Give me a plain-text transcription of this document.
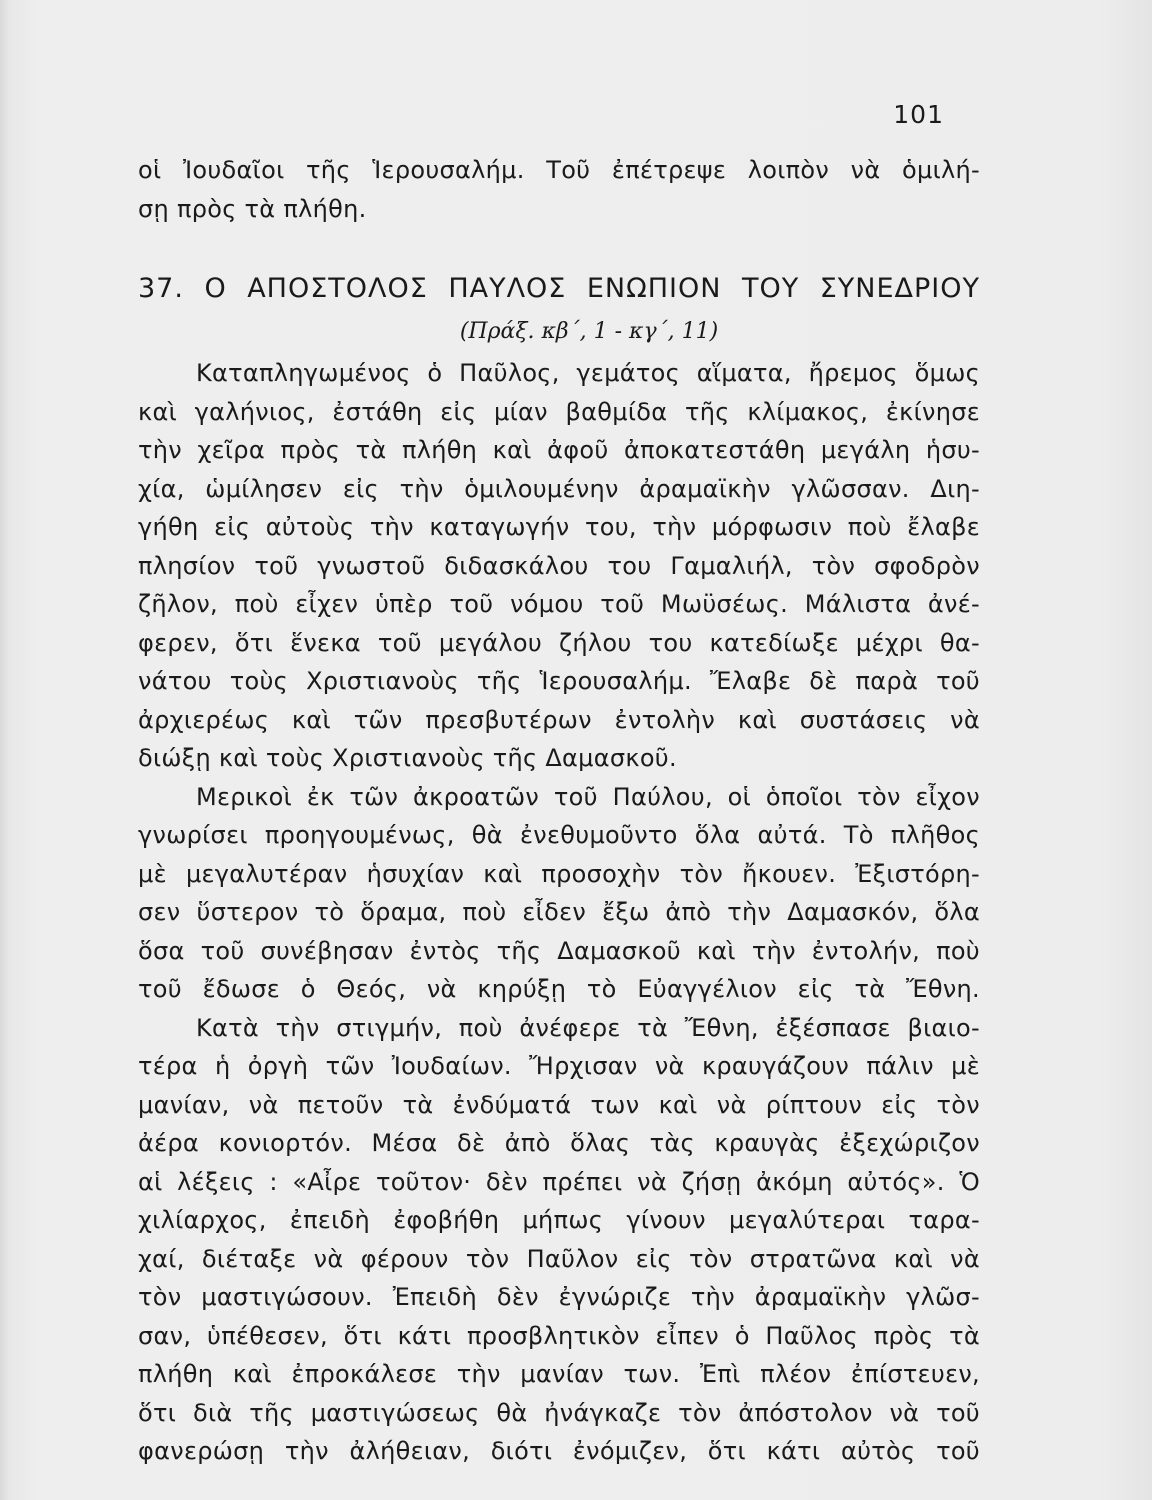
101
οἱ Ἰουδαῖοι τῆς Ἱερουσαλήμ. Τοῦ ἐπέτρεψε λοιπὸν νὰ ὁμιλή-
σῃ πρὸς τὰ πλήθη.
37. Ο ΑΠΟΣΤΟΛΟΣ ΠΑΥΛΟΣ ΕΝΩΠΙΟΝ ΤΟΥ ΣΥΝΕΔΡΙΟΥ
(Πράξ. κβ΄, 1 - κγ΄, 11)
Καταπληγωμένος ὁ Παῦλος, γεμάτος αἵματα, ἤρεμος ὅμως
καὶ γαλήνιος, ἐστάθη εἰς μίαν βαθμίδα τῆς κλίμακος, ἐκίνησε
τὴν χεῖρα πρὸς τὰ πλήθη καὶ ἀφοῦ ἀποκατεστάθη μεγάλη ἡσυ-
χία, ὡμίλησεν εἰς τὴν ὁμιλουμένην ἀραμαϊκὴν γλῶσσαν. Διη-
γήθη εἰς αὐτοὺς τὴν καταγωγήν του, τὴν μόρφωσιν ποὺ ἔλαβε
πλησίον τοῦ γνωστοῦ διδασκάλου του Γαμαλιήλ, τὸν σφοδρὸν
ζῆλον, ποὺ εἶχεν ὑπὲρ τοῦ νόμου τοῦ Μωϋσέως. Μάλιστα ἀνέ-
φερεν, ὅτι ἕνεκα τοῦ μεγάλου ζήλου του κατεδίωξε μέχρι θα-
νάτου τοὺς Χριστιανοὺς τῆς Ἱερουσαλήμ. Ἔλαβε δὲ παρὰ τοῦ
ἀρχιερέως καὶ τῶν πρεσβυτέρων ἐντολὴν καὶ συστάσεις νὰ
διώξῃ καὶ τοὺς Χριστιανοὺς τῆς Δαμασκοῦ.
Μερικοὶ ἐκ τῶν ἀκροατῶν τοῦ Παύλου, οἱ ὁποῖοι τὸν εἶχον
γνωρίσει προηγουμένως, θὰ ἐνεθυμοῦντο ὅλα αὐτά. Τὸ πλῆθος
μὲ μεγαλυτέραν ἡσυχίαν καὶ προσοχὴν τὸν ἤκουεν. Ἐξιστόρη-
σεν ὕστερον τὸ ὅραμα, ποὺ εἶδεν ἔξω ἀπὸ τὴν Δαμασκόν, ὅλα
ὅσα τοῦ συνέβησαν ἐντὸς τῆς Δαμασκοῦ καὶ τὴν ἐντολήν, ποὺ
τοῦ ἔδωσε ὁ Θεός, νὰ κηρύξῃ τὸ Εὐαγγέλιον εἰς τὰ Ἔθνη.
Κατὰ τὴν στιγμήν, ποὺ ἀνέφερε τὰ Ἔθνη, ἐξέσπασε βιαιο-
τέρα ἡ ὀργὴ τῶν Ἰουδαίων. Ἤρχισαν νὰ κραυγάζουν πάλιν μὲ
μανίαν, νὰ πετοῦν τὰ ἐνδύματά των καὶ νὰ ρίπτουν εἰς τὸν
ἀέρα κονιορτόν. Μέσα δὲ ἀπὸ ὅλας τὰς κραυγὰς ἐξεχώριζον
αἱ λέξεις : «Αἶρε τοῦτον· δὲν πρέπει νὰ ζήσῃ ἀκόμη αὐτός». Ὁ
χιλίαρχος, ἐπειδὴ ἐφοβήθη μήπως γίνουν μεγαλύτεραι ταρα-
χαί, διέταξε νὰ φέρουν τὸν Παῦλον εἰς τὸν στρατῶνα καὶ νὰ
τὸν μαστιγώσουν. Ἐπειδὴ δὲν ἐγνώριζε τὴν ἀραμαϊκὴν γλῶσ-
σαν, ὑπέθεσεν, ὅτι κάτι προσβλητικὸν εἶπεν ὁ Παῦλος πρὸς τὰ
πλήθη καὶ ἐπροκάλεσε τὴν μανίαν των. Ἐπὶ πλέον ἐπίστευεν,
ὅτι διὰ τῆς μαστιγώσεως θὰ ἠνάγκαζε τὸν ἀπόστολον νὰ τοῦ
φανερώσῃ τὴν ἀλήθειαν, διότι ἐνόμιζεν, ὅτι κάτι αὐτὸς τοῦ
